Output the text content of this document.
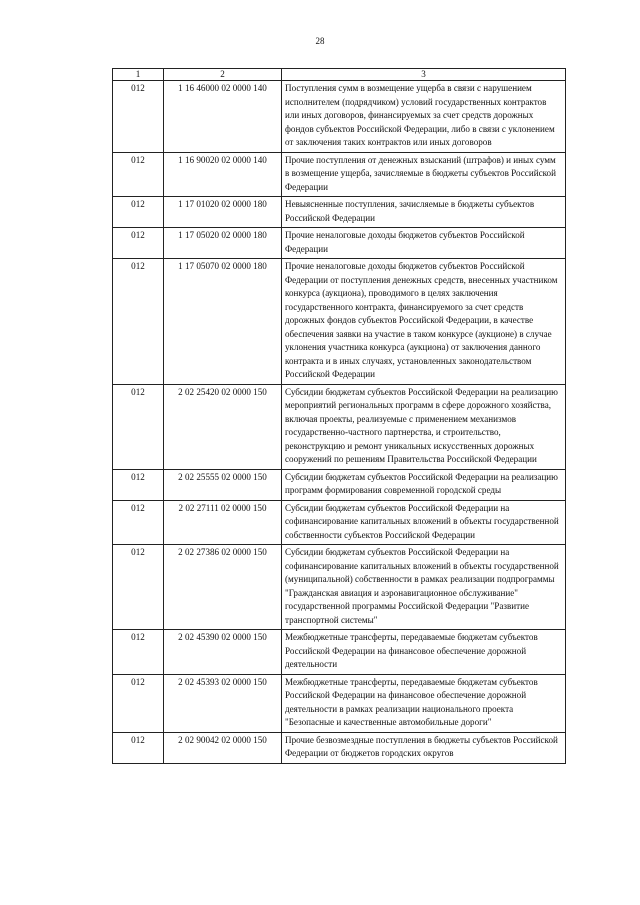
28
1	2	3
012	1 16 46000 02 0000 140	Поступления сумм в возмещение ущерба в связи с нарушением исполнителем (подрядчиком) условий государственных контрактов или иных договоров, финансируемых за счет средств дорожных фондов субъектов Российской Федерации, либо в связи с уклонением от заключения таких контрактов или иных договоров
012	1 16 90020 02 0000 140	Прочие поступления от денежных взысканий (штрафов) и иных сумм в возмещение ущерба, зачисляемые в бюджеты субъектов Российской Федерации
012	1 17 01020 02 0000 180	Невыясненные поступления, зачисляемые в бюджеты субъектов Российской Федерации
012	1 17 05020 02 0000 180	Прочие неналоговые доходы бюджетов субъектов Российской Федерации
012	1 17 05070 02 0000 180	Прочие неналоговые доходы бюджетов субъектов Российской Федерации от поступления денежных средств, внесенных участником конкурса (аукциона), проводимого в целях заключения государственного контракта, финансируемого за счет средств дорожных фондов субъектов Российской Федерации, в качестве обеспечения заявки на участие в таком конкурсе (аукционе) в случае уклонения участника конкурса (аукциона) от заключения данного контракта и в иных случаях, установленных законодательством Российской Федерации
012	2 02 25420 02 0000 150	Субсидии бюджетам субъектов Российской Федерации на реализацию мероприятий региональных программ в сфере дорожного хозяйства, включая проекты, реализуемые с применением механизмов государственно-частного партнерства, и строительство, реконструкцию и ремонт уникальных искусственных дорожных сооружений по решениям Правительства Российской Федерации
012	2 02 25555 02 0000 150	Субсидии бюджетам субъектов Российской Федерации на реализацию программ формирования современной городской среды
012	2 02 27111 02 0000 150	Субсидии бюджетам субъектов Российской Федерации на софинансирование капитальных вложений в объекты государственной собственности субъектов Российской Федерации
012	2 02 27386 02 0000 150	Субсидии бюджетам субъектов Российской Федерации на софинансирование капитальных вложений в объекты государственной (муниципальной) собственности в рамках реализации подпрограммы "Гражданская авиация и аэронавигационное обслуживание" государственной программы Российской Федерации "Развитие транспортной системы"
012	2 02 45390 02 0000 150	Межбюджетные трансферты, передаваемые бюджетам субъектов Российской Федерации на финансовое обеспечение дорожной деятельности
012	2 02 45393 02 0000 150	Межбюджетные трансферты, передаваемые бюджетам субъектов Российской Федерации на финансовое обеспечение дорожной деятельности в рамках реализации национального проекта "Безопасные и качественные автомобильные дороги"
012	2 02 90042 02 0000 150	Прочие безвозмездные поступления в бюджеты субъектов Российской Федерации от бюджетов городских округов
